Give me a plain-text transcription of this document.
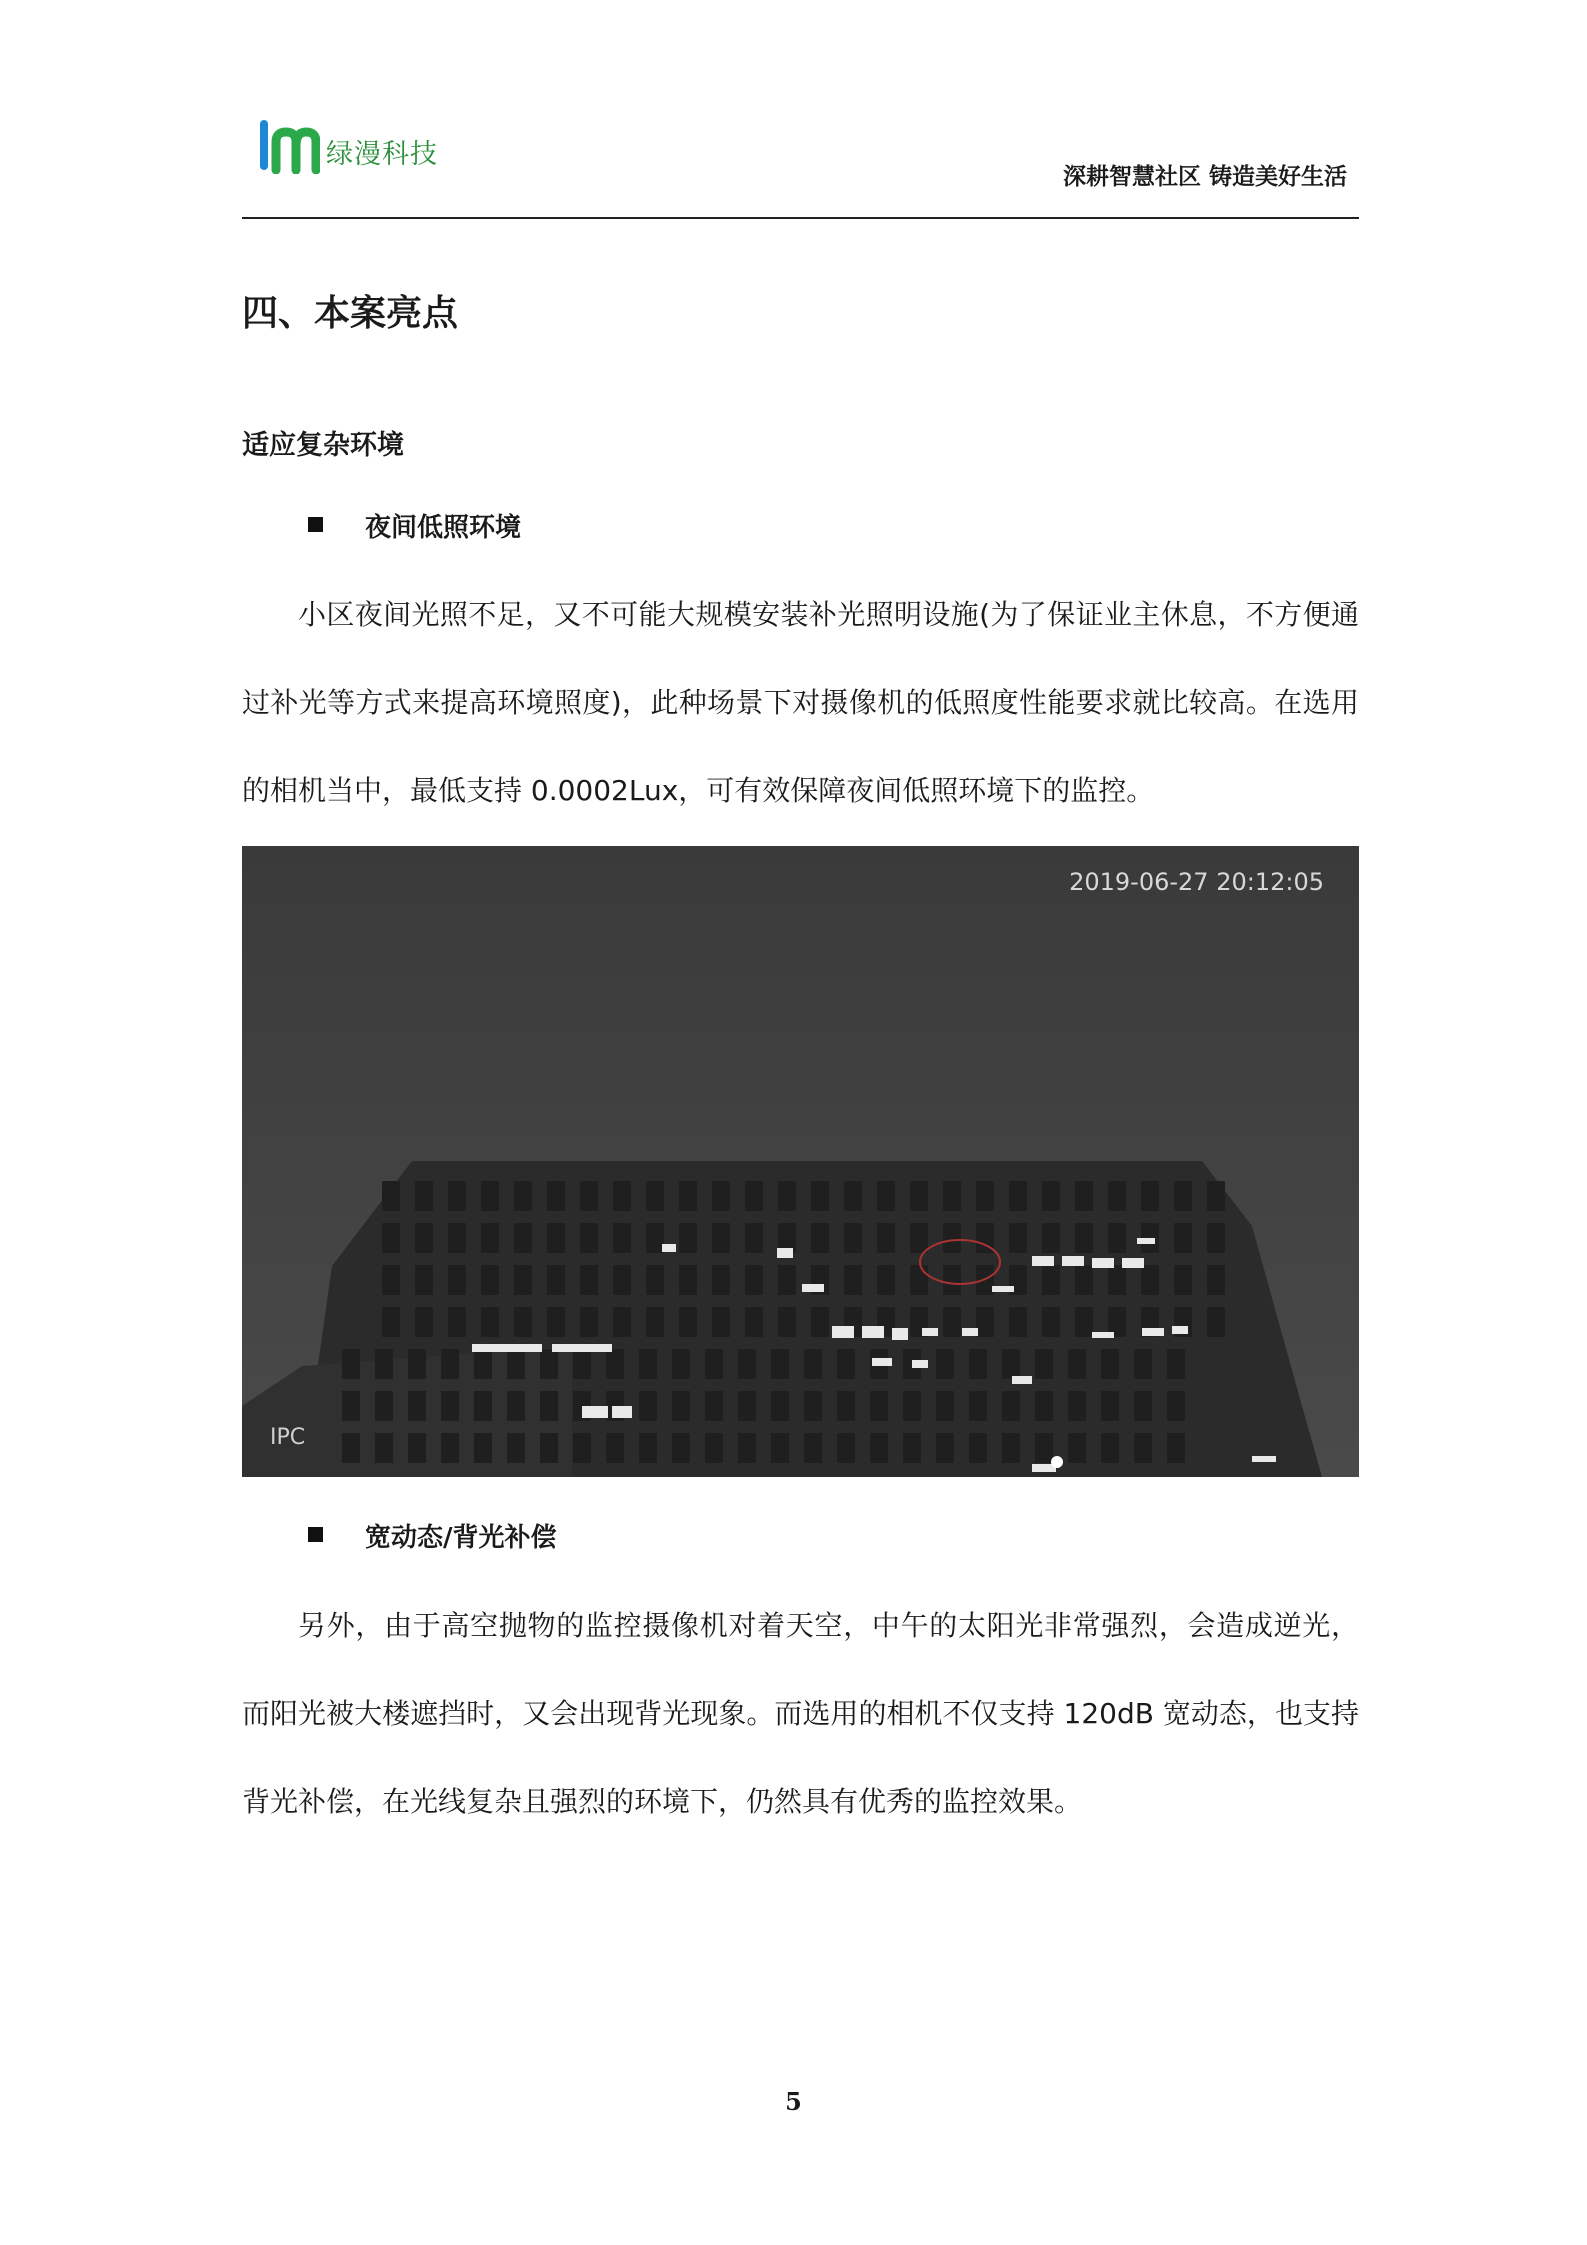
绿漫科技
深耕智慧社区 铸造美好生活
四、本案亮点
适应复杂环境
夜间低照环境

小区夜间光照不足，又不可能大规模安装补光照明设施(为了保证业主休息，不方便通过补光等方式来提高环境照度)，此种场景下对摄像机的低照度性能要求就比较高。在选用的相机当中，最低支持 0.0002Lux，可有效保障夜间低照环境下的监控。

2019-06-27 20:12:05
IPC
宽动态/背光补偿

另外，由于高空抛物的监控摄像机对着天空，中午的太阳光非常强烈，会造成逆光，而阳光被大楼遮挡时，又会出现背光现象。而选用的相机不仅支持 120dB 宽动态，也支持背光补偿，在光线复杂且强烈的环境下，仍然具有优秀的监控效果。

5
